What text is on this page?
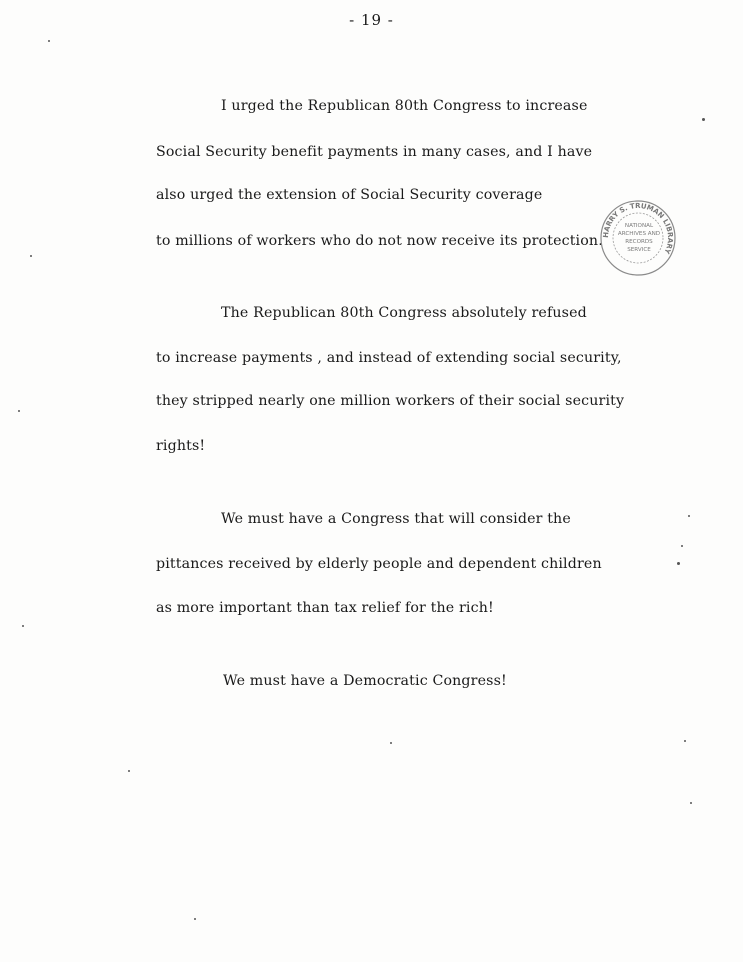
- 19 -
I urged the Republican 80th Congress to increase
Social Security benefit payments in many cases, and I have
also urged the extension of Social Security coverage
to millions of workers who do not now receive its protection.
The Republican 80th Congress absolutely refused
to increase payments , and instead of extending social security,
they stripped nearly one million workers of their social security
rights!
We must have a Congress that will consider the
pittances received by elderly people and dependent children
as more important than tax relief for the rich!
We must have a Democratic Congress!
HARRY S. TRUMAN LIBRARY
NATIONAL
ARCHIVES AND
RECORDS
SERVICE
